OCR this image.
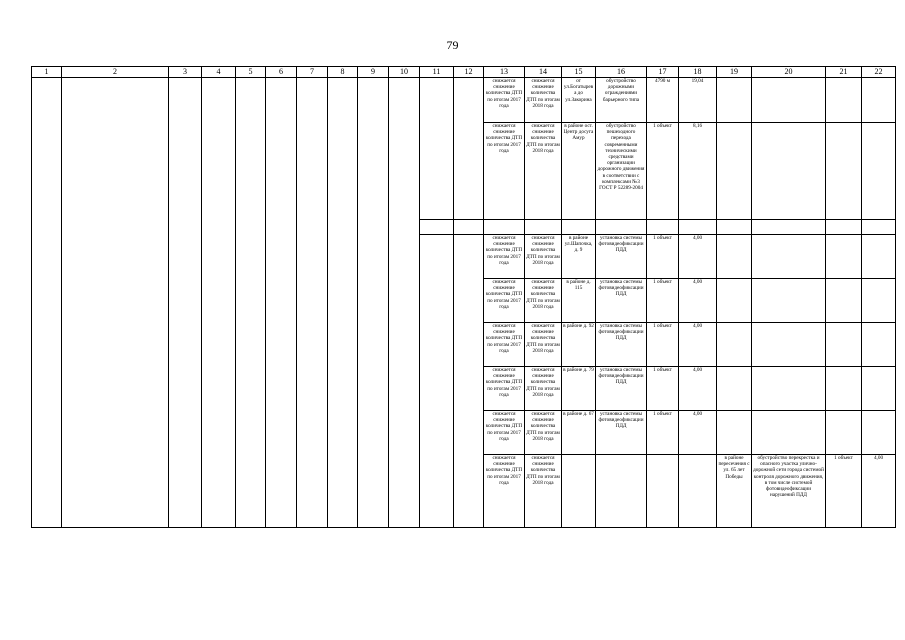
79
1	2	3	4	5	6	7	8	9	10	11	12	13	14	15	16	17	18	19	20	21	22
												снижается снижение количества ДТП по итогам 2017 года	снижается снижение количества ДТП по итогам 2018 года	от ул.Богатырева до ул.Закорина	обустройство дорожными ограждениями барьерного типа	4790 м	19,04				
												снижается снижение количества ДТП по итогам 2017 года	снижается снижение количества ДТП по итогам 2018 года	в районе ост. Центр досуга Амур	обустройство пешеходного перехода современными техническими средствами организации дорожного движения в соответствии с комплексами №3 ГОСТ Р 52289-2004	1 объект	8,16				

												снижается снижение количества ДТП по итогам 2017 года	снижается снижение количества ДТП по итогам 2018 года	в районе ул.Шапочка, д. 9	установка системы фотовидеофиксации ПДД	1 объект	4,00				
												снижается снижение количества ДТП по итогам 2017 года	снижается снижение количества ДТП по итогам 2018 года	в районе д. 115	установка системы фотовидеофиксации ПДД	1 объект	4,00				
												снижается снижение количества ДТП по итогам 2017 года	снижается снижение количества ДТП по итогам 2018 года	в районе д. 92	установка системы фотовидеофиксации ПДД	1 объект	4,00				
												снижается снижение количества ДТП по итогам 2017 года	снижается снижение количества ДТП по итогам 2018 года	в районе д. 79	установка системы фотовидеофиксации ПДД	1 объект	4,00				
												снижается снижение количества ДТП по итогам 2017 года	снижается снижение количества ДТП по итогам 2018 года	в районе д. 67	установка системы фотовидеофиксации ПДД	1 объект	4,00				
												снижается снижение количества ДТП по итогам 2017 года	снижается снижение количества ДТП по итогам 2018 года					в районе пересечения с ул. 65 лет Победы	обустройство перекрестка и опасного участка улично-дорожной сети города системой контроля дорожного движения, в том числе системой фотовидеофиксации нарушений ПДД	1 объект	4,00
